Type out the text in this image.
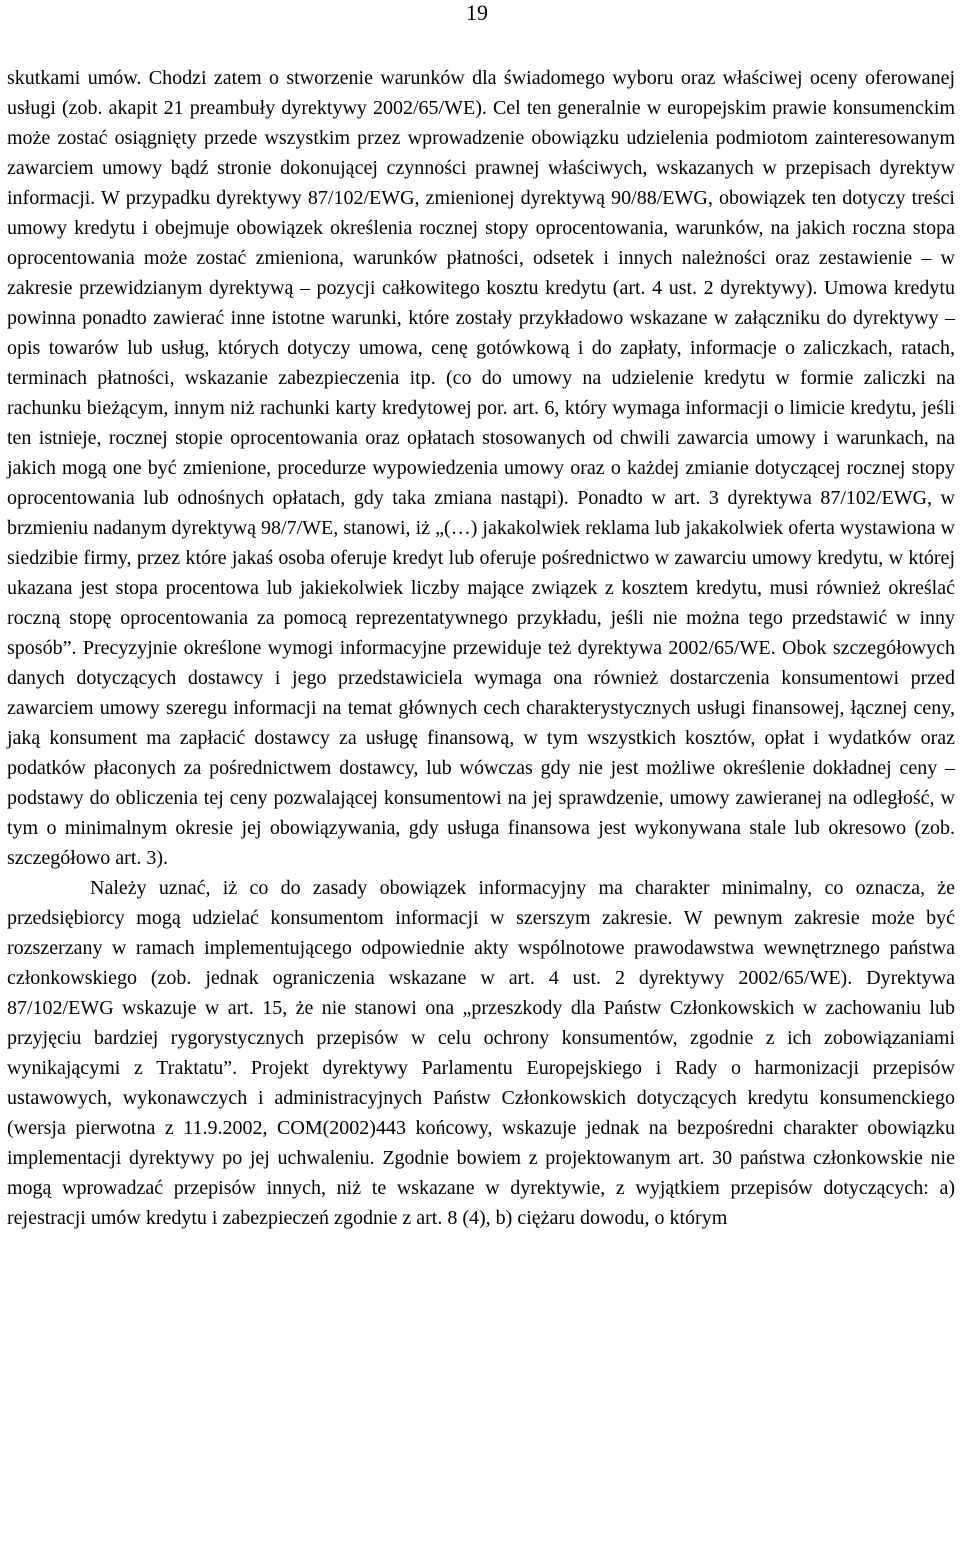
19

skutkami umów. Chodzi zatem o stworzenie warunków dla świadomego wyboru oraz właściwej oceny oferowanej usługi (zob. akapit 21 preambuły dyrektywy 2002/65/WE). Cel ten generalnie w europejskim prawie konsumenckim może zostać osiągnięty przede wszystkim przez wprowadzenie obowiązku udzielenia podmiotom zainteresowanym zawarciem umowy bądź stronie dokonującej czynności prawnej właściwych, wskazanych w przepisach dyrektyw informacji. W przypadku dyrektywy 87/102/EWG, zmienionej dyrektywą 90/88/EWG, obowiązek ten dotyczy treści umowy kredytu i obejmuje obowiązek określenia rocznej stopy oprocentowania, warunków, na jakich roczna stopa oprocentowania może zostać zmieniona, warunków płatności, odsetek i innych należności oraz zestawienie – w zakresie przewidzianym dyrektywą – pozycji całkowitego kosztu kredytu (art. 4 ust. 2 dyrektywy). Umowa kredytu powinna ponadto zawierać inne istotne warunki, które zostały przykładowo wskazane w załączniku do dyrektywy – opis towarów lub usług, których dotyczy umowa, cenę gotówkową i do zapłaty, informacje o zaliczkach, ratach, terminach płatności, wskazanie zabezpieczenia itp. (co do umowy na udzielenie kredytu w formie zaliczki na rachunku bieżącym, innym niż rachunki karty kredytowej por. art. 6, który wymaga informacji o limicie kredytu, jeśli ten istnieje, rocznej stopie oprocentowania oraz opłatach stosowanych od chwili zawarcia umowy i warunkach, na jakich mogą one być zmienione, procedurze wypowiedzenia umowy oraz o każdej zmianie dotyczącej rocznej stopy oprocentowania lub odnośnych opłatach, gdy taka zmiana nastąpi). Ponadto w art. 3 dyrektywa 87/102/EWG, w brzmieniu nadanym dyrektywą 98/7/WE, stanowi, iż „(…) jakakolwiek reklama lub jakakolwiek oferta wystawiona w siedzibie firmy, przez które jakaś osoba oferuje kredyt lub oferuje pośrednictwo w zawarciu umowy kredytu, w której ukazana jest stopa procentowa lub jakiekolwiek liczby mające związek z kosztem kredytu, musi również określać roczną stopę oprocentowania za pomocą reprezentatywnego przykładu, jeśli nie można tego przedstawić w inny sposób”. Precyzyjnie określone wymogi informacyjne przewiduje też dyrektywa 2002/65/WE. Obok szczegółowych danych dotyczących dostawcy i jego przedstawiciela wymaga ona również dostarczenia konsumentowi przed zawarciem umowy szeregu informacji na temat głównych cech charakterystycznych usługi finansowej, łącznej ceny, jaką konsument ma zapłacić dostawcy za usługę finansową, w tym wszystkich kosztów, opłat i wydatków oraz podatków płaconych za pośrednictwem dostawcy, lub wówczas gdy nie jest możliwe określenie dokładnej ceny – podstawy do obliczenia tej ceny pozwalającej konsumentowi na jej sprawdzenie, umowy zawieranej na odległość, w tym o minimalnym okresie jej obowiązywania, gdy usługa finansowa jest wykonywana stale lub okresowo (zob. szczegółowo art. 3).

Należy uznać, iż co do zasady obowiązek informacyjny ma charakter minimalny, co oznacza, że przedsiębiorcy mogą udzielać konsumentom informacji w szerszym zakresie. W pewnym zakresie może być rozszerzany w ramach implementującego odpowiednie akty wspólnotowe prawodawstwa wewnętrznego państwa członkowskiego (zob. jednak ograniczenia wskazane w art. 4 ust. 2 dyrektywy 2002/65/WE). Dyrektywa 87/102/EWG wskazuje w art. 15, że nie stanowi ona „przeszkody dla Państw Członkowskich w zachowaniu lub przyjęciu bardziej rygorystycznych przepisów w celu ochrony konsumentów, zgodnie z ich zobowiązaniami wynikającymi z Traktatu”. Projekt dyrektywy Parlamentu Europejskiego i Rady o harmonizacji przepisów ustawowych, wykonawczych i administracyjnych Państw Członkowskich dotyczących kredytu konsumenckiego (wersja pierwotna z 11.9.2002, COM(2002)443 końcowy, wskazuje jednak na bezpośredni charakter obowiązku implementacji dyrektywy po jej uchwaleniu. Zgodnie bowiem z projektowanym art. 30 państwa członkowskie nie mogą wprowadzać przepisów innych, niż te wskazane w dyrektywie, z wyjątkiem przepisów dotyczących: a) rejestracji umów kredytu i zabezpieczeń zgodnie z art. 8 (4), b) ciężaru dowodu, o którym
